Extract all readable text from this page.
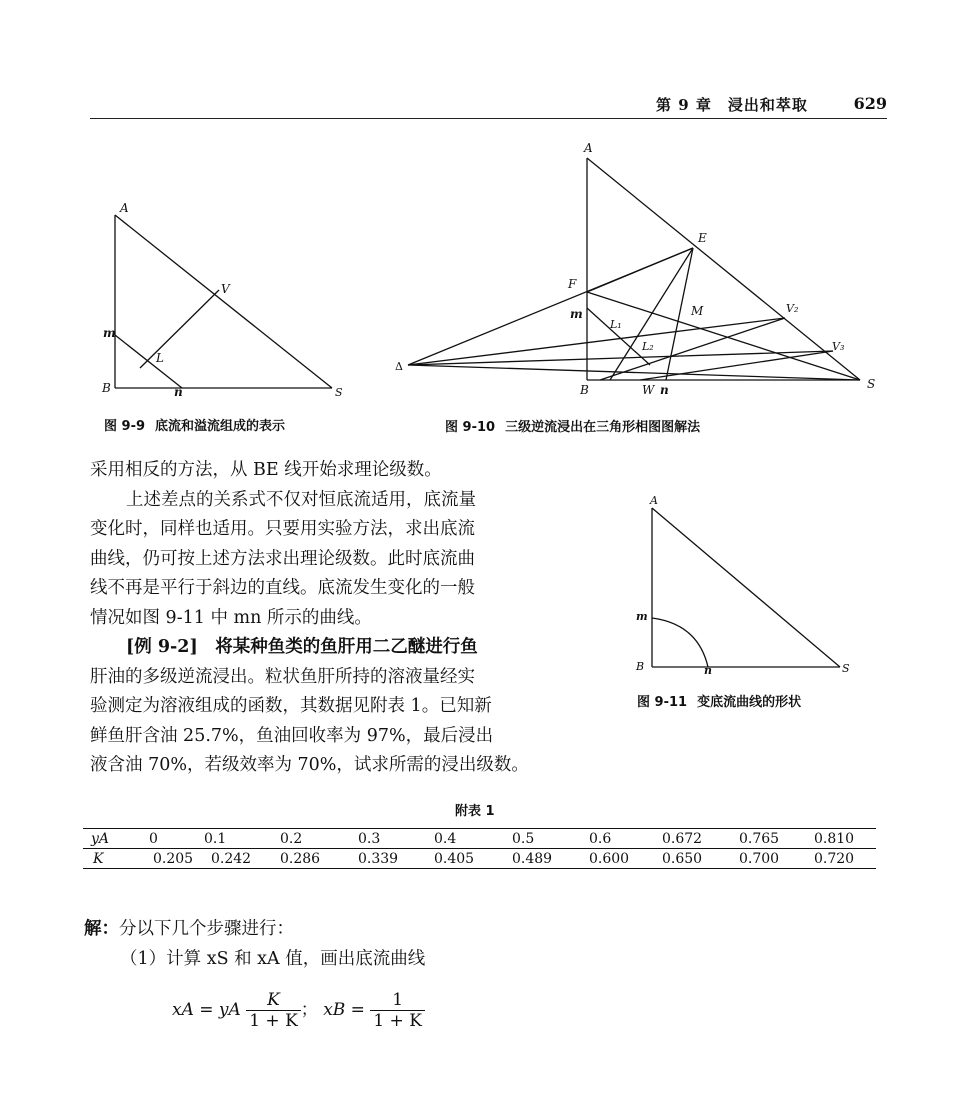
第 9 章　浸出和萃取	629
A
V
m
L
B	n	S
图 9-9 底流和溢流组成的表示
A
E
F
m	M
L₁
L₂
V₂
V₃
Δ
B	W n	S
图 9-10 三级逆流浸出在三角形相图图解法
A
m
B	n	S
图 9-11 变底流曲线的形状

采用相反的方法，从 BE 线开始求理论级数。

上述差点的关系式不仅对恒底流适用，底流量

变化时，同样也适用。只要用实验方法，求出底流

曲线，仍可按上述方法求出理论级数。此时底流曲

线不再是平行于斜边的直线。底流发生变化的一般

情况如图 9-11 中 mn 所示的曲线。

[例 9-2]　将某种鱼类的鱼肝用二乙醚进行鱼

肝油的多级逆流浸出。粒状鱼肝所持的溶液量经实

验测定为溶液组成的函数，其数据见附表 1。已知新

鲜鱼肝含油 25.7%，鱼油回收率为 97%，最后浸出

液含油 70%，若级效率为 70%，试求所需的浸出级数。

附表 1
yA	0	0.1	0.2	0.3	0.4	0.5	0.6	0.672	0.765	0.810
K	0.205 0.242		0.286	0.339	0.405	0.489	0.600	0.650	0.700	0.720
解：分以下几个步骤进行：
（1）计算 xS 和 xA 值，画出底流曲线
xA = yA $\frac{K}{1 + K}$ ； xB = $\frac{1}{1 + K}$
